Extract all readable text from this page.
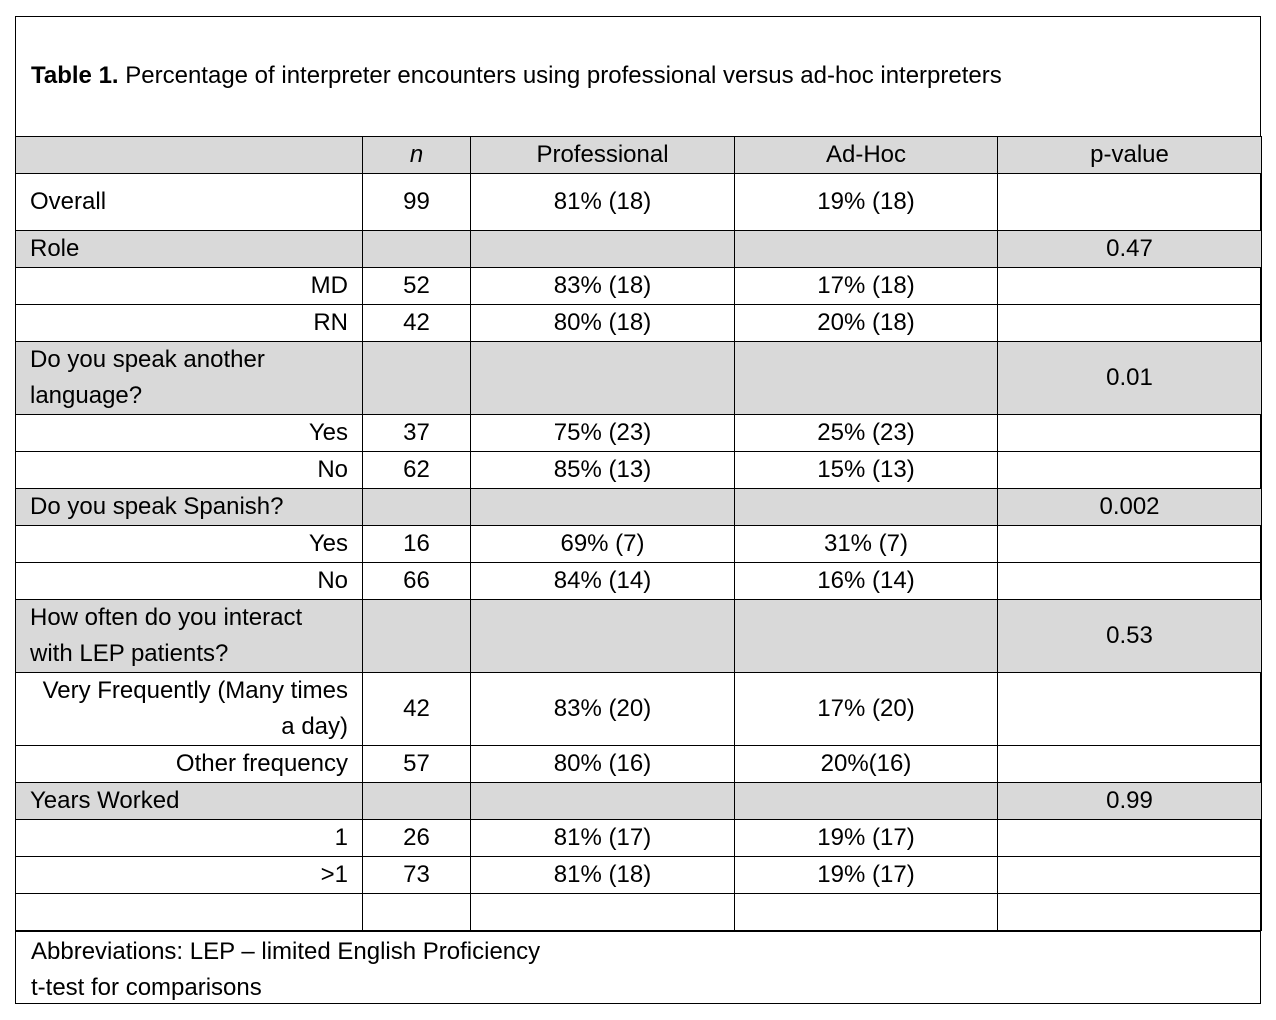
Table 1. Percentage of interpreter encounters using professional versus ad-hoc interpreters
	n	Professional	Ad-Hoc	p-value
Overall	99	81% (18)	19% (18)	
Role				0.47
MD	52	83% (18)	17% (18)	
RN	42	80% (18)	20% (18)	
Do you speak another language?				0.01
Yes	37	75% (23)	25% (23)	
No	62	85% (13)	15% (13)	
Do you speak Spanish?				0.002
Yes	16	69% (7)	31% (7)	
No	66	84% (14)	16% (14)	
How often do you interact with LEP patients?				0.53
Very Frequently (Many times a day)	42	83% (20)	17% (20)	
Other frequency	57	80% (16)	20%(16)	
Years Worked				0.99
1	26	81% (17)	19% (17)	
>1	73	81% (18)	19% (17)	

Abbreviations: LEP – limited English Proficiency
t-test for comparisons
